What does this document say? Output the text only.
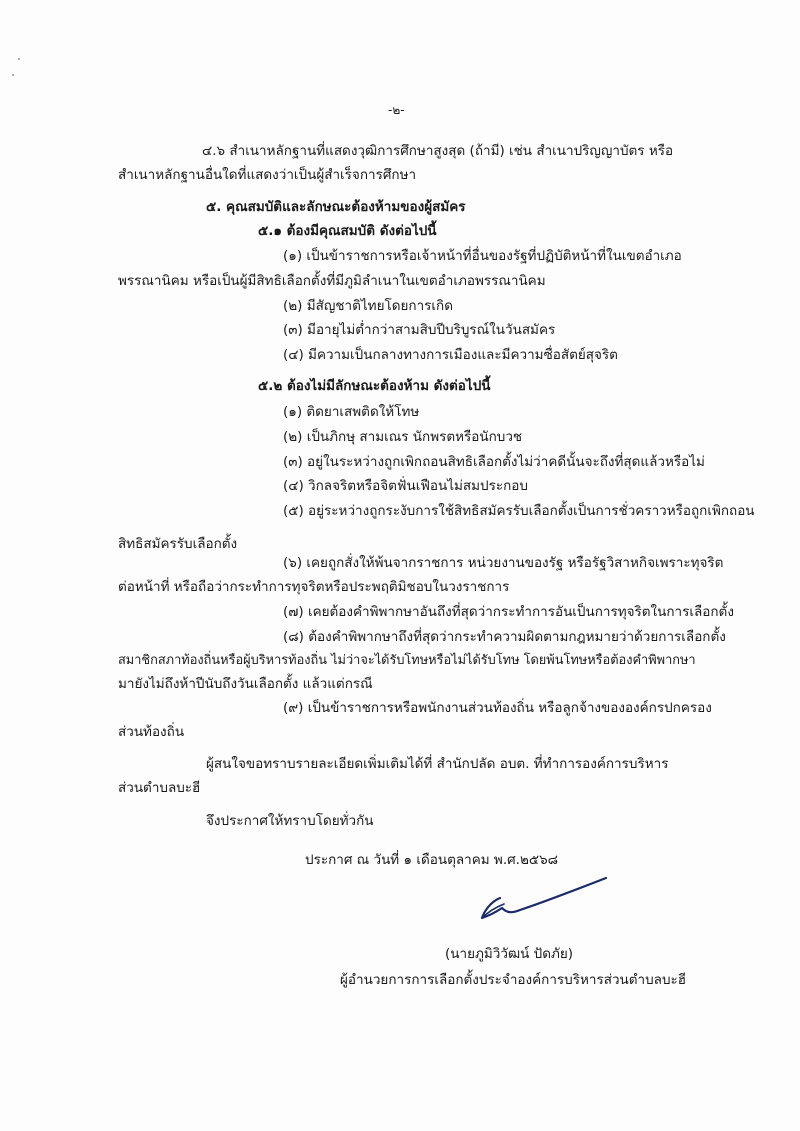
-๒-
๔.๖ สำเนาหลักฐานที่แสดงวุฒิการศึกษาสูงสุด (ถ้ามี) เช่น สำเนาปริญญาบัตร หรือ
สำเนาหลักฐานอื่นใดที่แสดงว่าเป็นผู้สำเร็จการศึกษา
๕. คุณสมบัติและลักษณะต้องห้ามของผู้สมัคร
๕.๑ ต้องมีคุณสมบัติ ดังต่อไปนี้
(๑) เป็นข้าราชการหรือเจ้าหน้าที่อื่นของรัฐที่ปฏิบัติหน้าที่ในเขตอำเภอ
พรรณานิคม หรือเป็นผู้มีสิทธิเลือกตั้งที่มีภูมิลำเนาในเขตอำเภอพรรณานิคม
(๒) มีสัญชาติไทยโดยการเกิด
(๓) มีอายุไม่ต่ำกว่าสามสิบปีบริบูรณ์ในวันสมัคร
(๔) มีความเป็นกลางทางการเมืองและมีความซื่อสัตย์สุจริต
๕.๒ ต้องไม่มีลักษณะต้องห้าม ดังต่อไปนี้
(๑) ติดยาเสพติดให้โทษ
(๒) เป็นภิกษุ สามเณร นักพรตหรือนักบวช
(๓) อยู่ในระหว่างถูกเพิกถอนสิทธิเลือกตั้งไม่ว่าคดีนั้นจะถึงที่สุดแล้วหรือไม่
(๔) วิกลจริตหรือจิตฟั่นเฟือนไม่สมประกอบ
(๕) อยู่ระหว่างถูกระงับการใช้สิทธิสมัครรับเลือกตั้งเป็นการชั่วคราวหรือถูกเพิกถอน
สิทธิสมัครรับเลือกตั้ง
(๖) เคยถูกสั่งให้พ้นจากราชการ หน่วยงานของรัฐ หรือรัฐวิสาหกิจเพราะทุจริต
ต่อหน้าที่ หรือถือว่ากระทำการทุจริตหรือประพฤติมิชอบในวงราชการ
(๗) เคยต้องคำพิพากษาอันถึงที่สุดว่ากระทำการอันเป็นการทุจริตในการเลือกตั้ง
(๘) ต้องคำพิพากษาถึงที่สุดว่ากระทำความผิดตามกฎหมายว่าด้วยการเลือกตั้ง
สมาชิกสภาท้องถิ่นหรือผู้บริหารท้องถิ่น ไม่ว่าจะได้รับโทษหรือไม่ได้รับโทษ โดยพ้นโทษหรือต้องคำพิพากษา
มายังไม่ถึงห้าปีนับถึงวันเลือกตั้ง แล้วแต่กรณี
(๙) เป็นข้าราชการหรือพนักงานส่วนท้องถิ่น หรือลูกจ้างขององค์กรปกครอง
ส่วนท้องถิ่น
ผู้สนใจขอทราบรายละเอียดเพิ่มเติมได้ที่ สำนักปลัด อบต. ที่ทำการองค์การบริหาร
ส่วนตำบลบะฮี
จึงประกาศให้ทราบโดยทั่วกัน
ประกาศ ณ วันที่ ๑ เดือนตุลาคม พ.ศ.๒๕๖๘
(นายภูมิวิวัฒน์ ปัดภัย)
ผู้อำนวยการการเลือกตั้งประจำองค์การบริหารส่วนตำบลบะฮี
